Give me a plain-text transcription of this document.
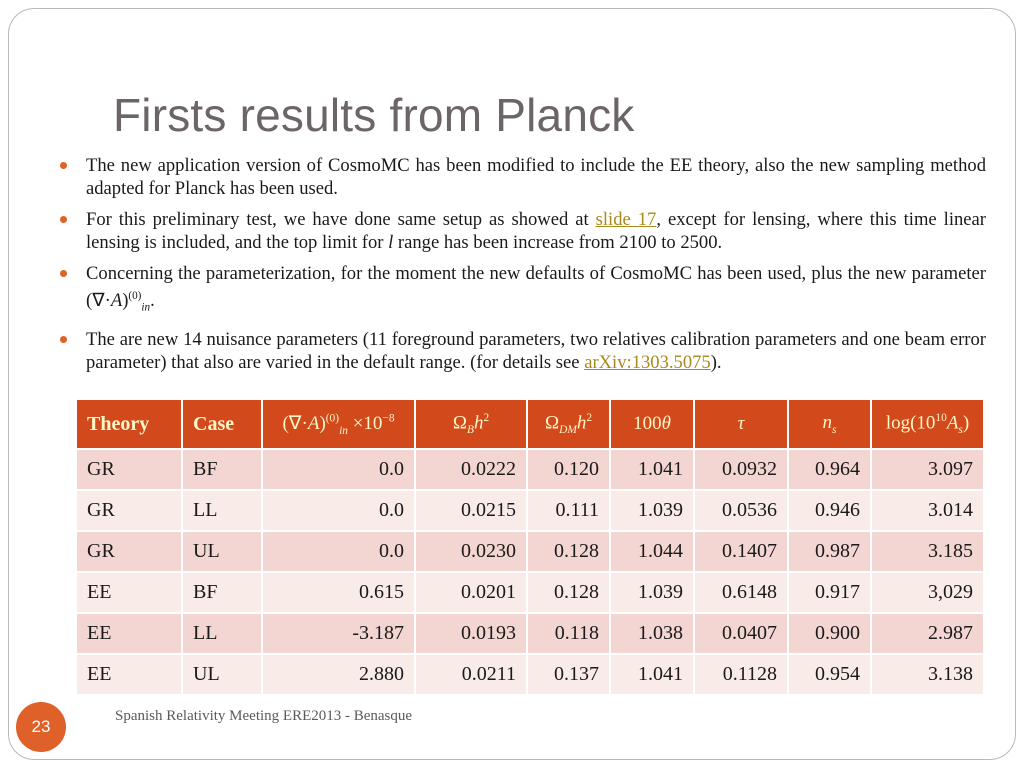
Firsts results from Planck
The new application version of CosmoMC has been modified to include the EE theory, also the new sampling method adapted for Planck has been used.
For this preliminary test, we have done same setup as showed at slide 17, except for lensing, where this time linear lensing is included, and the top limit for l range has been increase from 2100 to 2500.
Concerning the parameterization, for the moment the new defaults of CosmoMC has been used, plus the new parameter $(\nabla\cdot A)^{(0)}_{in}$.
The are new 14 nuisance parameters (11 foreground parameters, two relatives calibration parameters and one beam error parameter) that also are varied in the default range. (for details see arXiv:1303.5075).
Theory	Case	$(\nabla\cdot A)^{(0)}_{in} \times 10^{-8}$	$\Omega_Bh^2$	$\Omega_{DM}h^2$	100θ	τ	$n_s$	$\log(10^{10}A_s)$
GR	BF	0.0	0.0222	0.120	1.041	0.0932	0.964	3.097
GR	LL	0.0	0.0215	0.111	1.039	0.0536	0.946	3.014
GR	UL	0.0	0.0230	0.128	1.044	0.1407	0.987	3.185
EE	BF	0.615	0.0201	0.128	1.039	0.6148	0.917	3,029
EE	LL	-3.187	0.0193	0.118	1.038	0.0407	0.900	2.987
EE	UL	2.880	0.0211	0.137	1.041	0.1128	0.954	3.138
23
Spanish Relativity Meeting ERE2013 - Benasque
